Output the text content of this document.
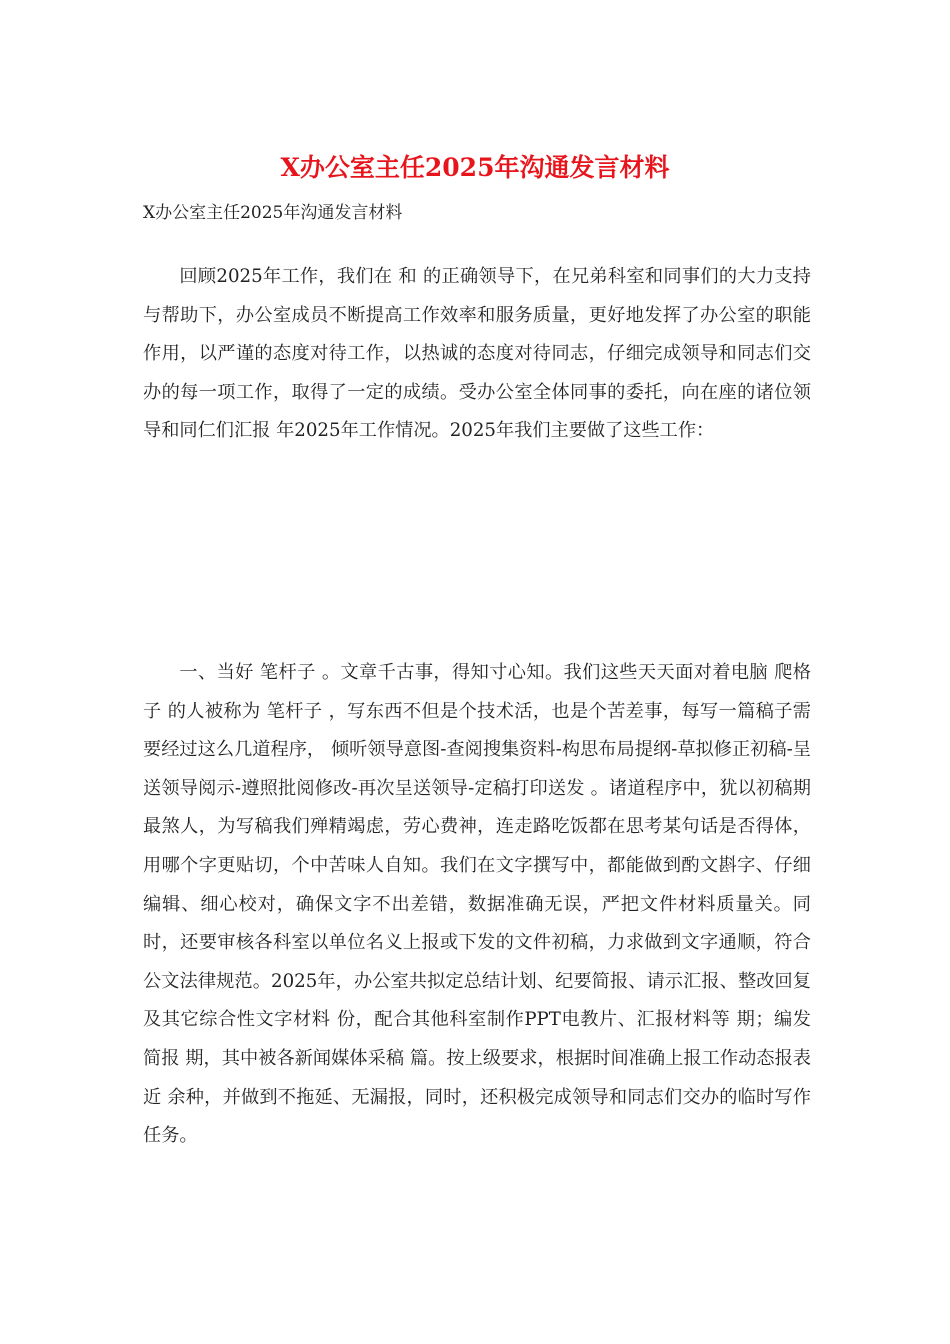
X办公室主任2025年沟通发言材料

X办公室主任2025年沟通发言材料

回顾2025年工作，我们在 和 的正确领导下，在兄弟科室和同事们的大力支持与帮助下，办公室成员不断提高工作效率和服务质量，更好地发挥了办公室的职能作用，以严谨的态度对待工作，以热诚的态度对待同志，仔细完成领导和同志们交办的每一项工作，取得了一定的成绩。受办公室全体同事的委托，向在座的诸位领导和同仁们汇报 年2025年工作情况。2025年我们主要做了这些工作：

一、当好 笔杆子 。文章千古事，得知寸心知。我们这些天天面对着电脑 爬格子 的人被称为 笔杆子 ，写东西不但是个技术活，也是个苦差事，每写一篇稿子需要经过这么几道程序， 倾听领导意图-查阅搜集资料-构思布局提纲-草拟修正初稿-呈送领导阅示-遵照批阅修改-再次呈送领导-定稿打印送发 。诸道程序中，犹以初稿期最煞人，为写稿我们殚精竭虑，劳心费神，连走路吃饭都在思考某句话是否得体，用哪个字更贴切，个中苦味人自知。我们在文字撰写中，都能做到酌文斟字、仔细编辑、细心校对，确保文字不出差错，数据准确无误，严把文件材料质量关。同时，还要审核各科室以单位名义上报或下发的文件初稿，力求做到文字通顺，符合公文法律规范。2025年，办公室共拟定总结计划、纪要简报、请示汇报、整改回复及其它综合性文字材料 份，配合其他科室制作PPT电教片、汇报材料等 期；编发 简报 期，其中被各新闻媒体采稿 篇。按上级要求，根据时间准确上报工作动态报表近 余种，并做到不拖延、无漏报，同时，还积极完成领导和同志们交办的临时写作任务。
